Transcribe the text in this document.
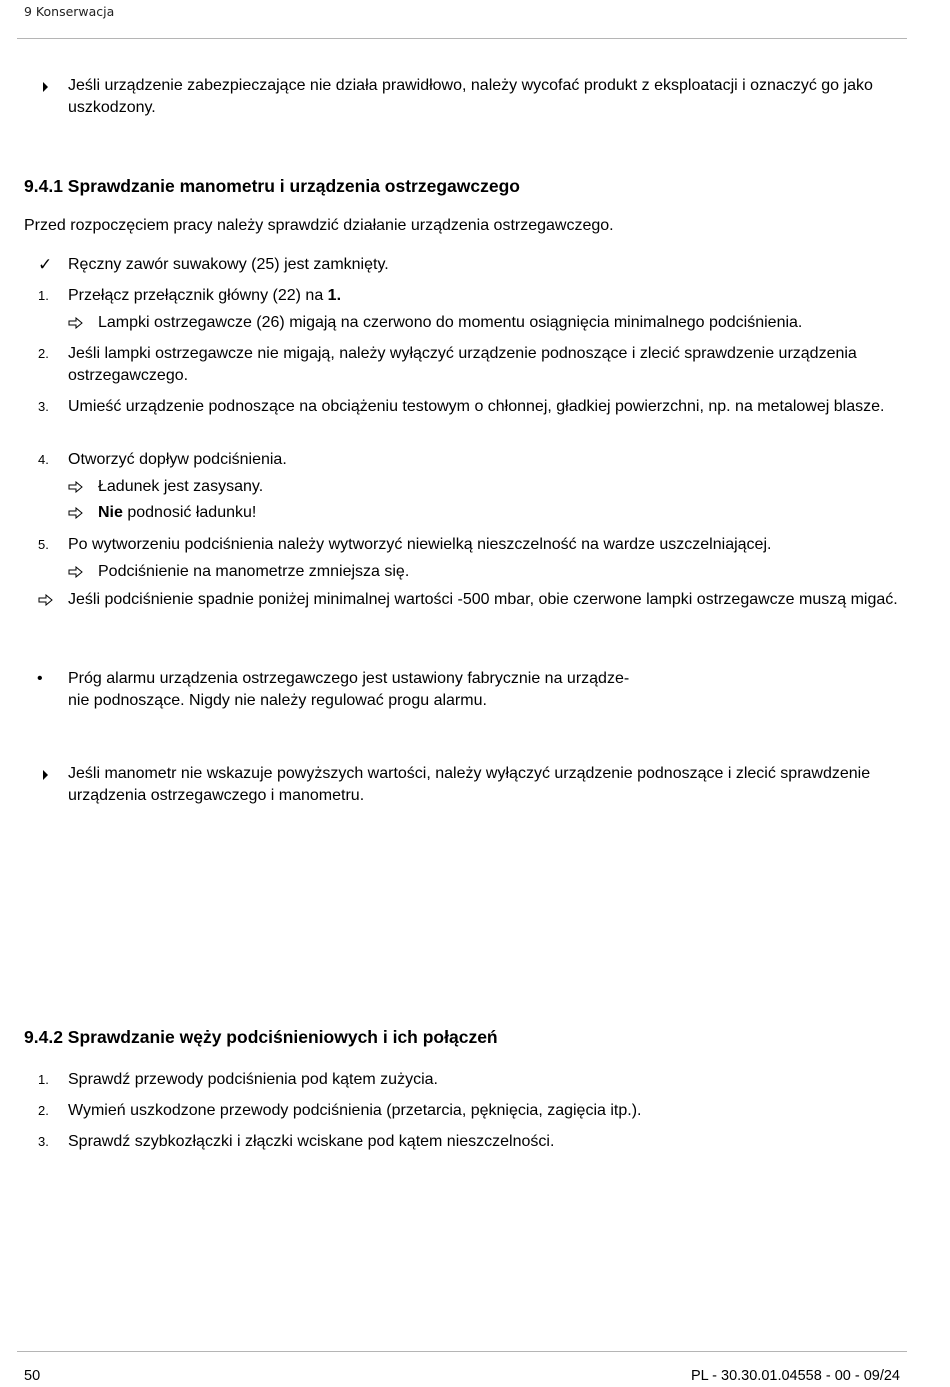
9 Konserwacja
Jeśli urządzenie zabezpieczające nie działa prawidłowo, należy wycofać produkt z eksploatacji i oznaczyć go jako uszkodzony.
9.4.1 Sprawdzanie manometru i urządzenia ostrzegawczego
Przed rozpoczęciem pracy należy sprawdzić działanie urządzenia ostrzegawczego.
✓ Ręczny zawór suwakowy (25) jest zamknięty.
1.	Przełącz przełącznik główny (22) na 1.
Lampki ostrzegawcze (26) migają na czerwono do momentu osiągnięcia minimalnego podciśnienia.
2.	Jeśli lampki ostrzegawcze nie migają, należy wyłączyć urządzenie podnoszące i zlecić sprawdzenie urządzenia ostrzegawczego.
3.	Umieść urządzenie podnoszące na obciążeniu testowym o chłonnej, gładkiej powierzchni, np. na metalowej blasze.
4.	Otworzyć dopływ podciśnienia.
Ładunek jest zasysany.
Nie podnosić ładunku!
5.	Po wytworzeniu podciśnienia należy wytworzyć niewielką nieszczelność na wardze uszczelniającej.
Podciśnienie na manometrze zmniejsza się.
Jeśli podciśnienie spadnie poniżej minimalnej wartości -500 mbar, obie czerwone lampki ostrzegawcze muszą migać.
•	Próg alarmu urządzenia ostrzegawczego jest ustawiony fabrycznie na urządze-
nie podnoszące. Nigdy nie należy regulować progu alarmu.
Jeśli manometr nie wskazuje powyższych wartości, należy wyłączyć urządzenie podnoszące i zlecić sprawdzenie urządzenia ostrzegawczego i manometru.
9.4.2 Sprawdzanie węży podciśnieniowych i ich połączeń
1.	Sprawdź przewody podciśnienia pod kątem zużycia.
2.	Wymień uszkodzone przewody podciśnienia (przetarcia, pęknięcia, zagięcia itp.).
3.	Sprawdź szybkozłączki i złączki wciskane pod kątem nieszczelności.
50	PL - 30.30.01.04558 - 00 - 09/24
